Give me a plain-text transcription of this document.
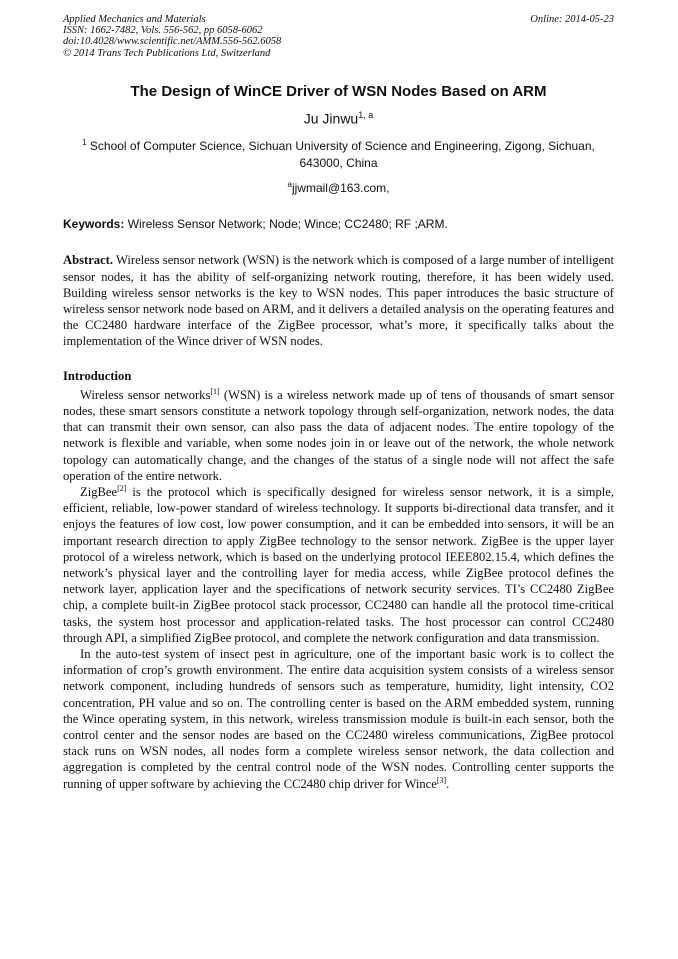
Applied Mechanics and Materials
ISSN: 1662-7482, Vols. 556-562, pp 6058-6062
doi:10.4028/www.scientific.net/AMM.556-562.6058
© 2014 Trans Tech Publications Ltd, Switzerland
Online: 2014-05-23
The Design of WinCE Driver of WSN Nodes Based on ARM
Ju Jinwu$^{1, a}$
$^1$ School of Computer Science, Sichuan University of Science and Engineering, Zigong, Sichuan, 643000, China
$^a$jjwmail@163.com,
Keywords: Wireless Sensor Network; Node; Wince; CC2480; RF ;ARM.
Abstract. Wireless sensor network (WSN) is the network which is composed of a large number of intelligent sensor nodes, it has the ability of self-organizing network routing, therefore, it has been widely used. Building wireless sensor networks is the key to WSN nodes. This paper introduces the basic structure of wireless sensor network node based on ARM, and it delivers a detailed analysis on the operating features and the CC2480 hardware interface of the ZigBee processor, what’s more, it specifically talks about the implementation of the Wince driver of WSN nodes.
Introduction

Wireless sensor networks[1] (WSN) is a wireless network made up of tens of thousands of smart sensor nodes, these smart sensors constitute a network topology through self-organization, network nodes, the data that can transmit their own sensor, can also pass the data of adjacent nodes. The entire topology of the network is flexible and variable, when some nodes join in or leave out of the network, the whole network topology can automatically change, and the changes of the status of a single node will not affect the safe operation of the entire network.

ZigBee[2] is the protocol which is specifically designed for wireless sensor network, it is a simple, efficient, reliable, low-power standard of wireless technology. It supports bi-directional data transfer, and it enjoys the features of low cost, low power consumption, and it can be embedded into sensors, it will be an important research direction to apply ZigBee technology to the sensor network. ZigBee is the upper layer protocol of a wireless network, which is based on the underlying protocol IEEE802.15.4, which defines the network’s physical layer and the controlling layer for media access, while ZigBee protocol defines the network layer, application layer and the specifications of network security services. TI’s CC2480 ZigBee chip, a complete built-in ZigBee protocol stack processor, CC2480 can handle all the protocol time-critical tasks, the system host processor and application-related tasks. The host processor can control CC2480 through API, a simplified ZigBee protocol, and complete the network configuration and data transmission.

In the auto-test system of insect pest in agriculture, one of the important basic work is to collect the information of crop’s growth environment. The entire data acquisition system consists of a wireless sensor network component, including hundreds of sensors such as temperature, humidity, light intensity, CO2 concentration, PH value and so on. The controlling center is based on the ARM embedded system, running the Wince operating system, in this network, wireless transmission module is built-in each sensor, both the control center and the sensor nodes are based on the CC2480 wireless communications, ZigBee protocol stack runs on WSN nodes, all nodes form a complete wireless sensor network, the data collection and aggregation is completed by the central control node of the WSN nodes. Controlling center supports the running of upper software by achieving the CC2480 chip driver for Wince[3].
